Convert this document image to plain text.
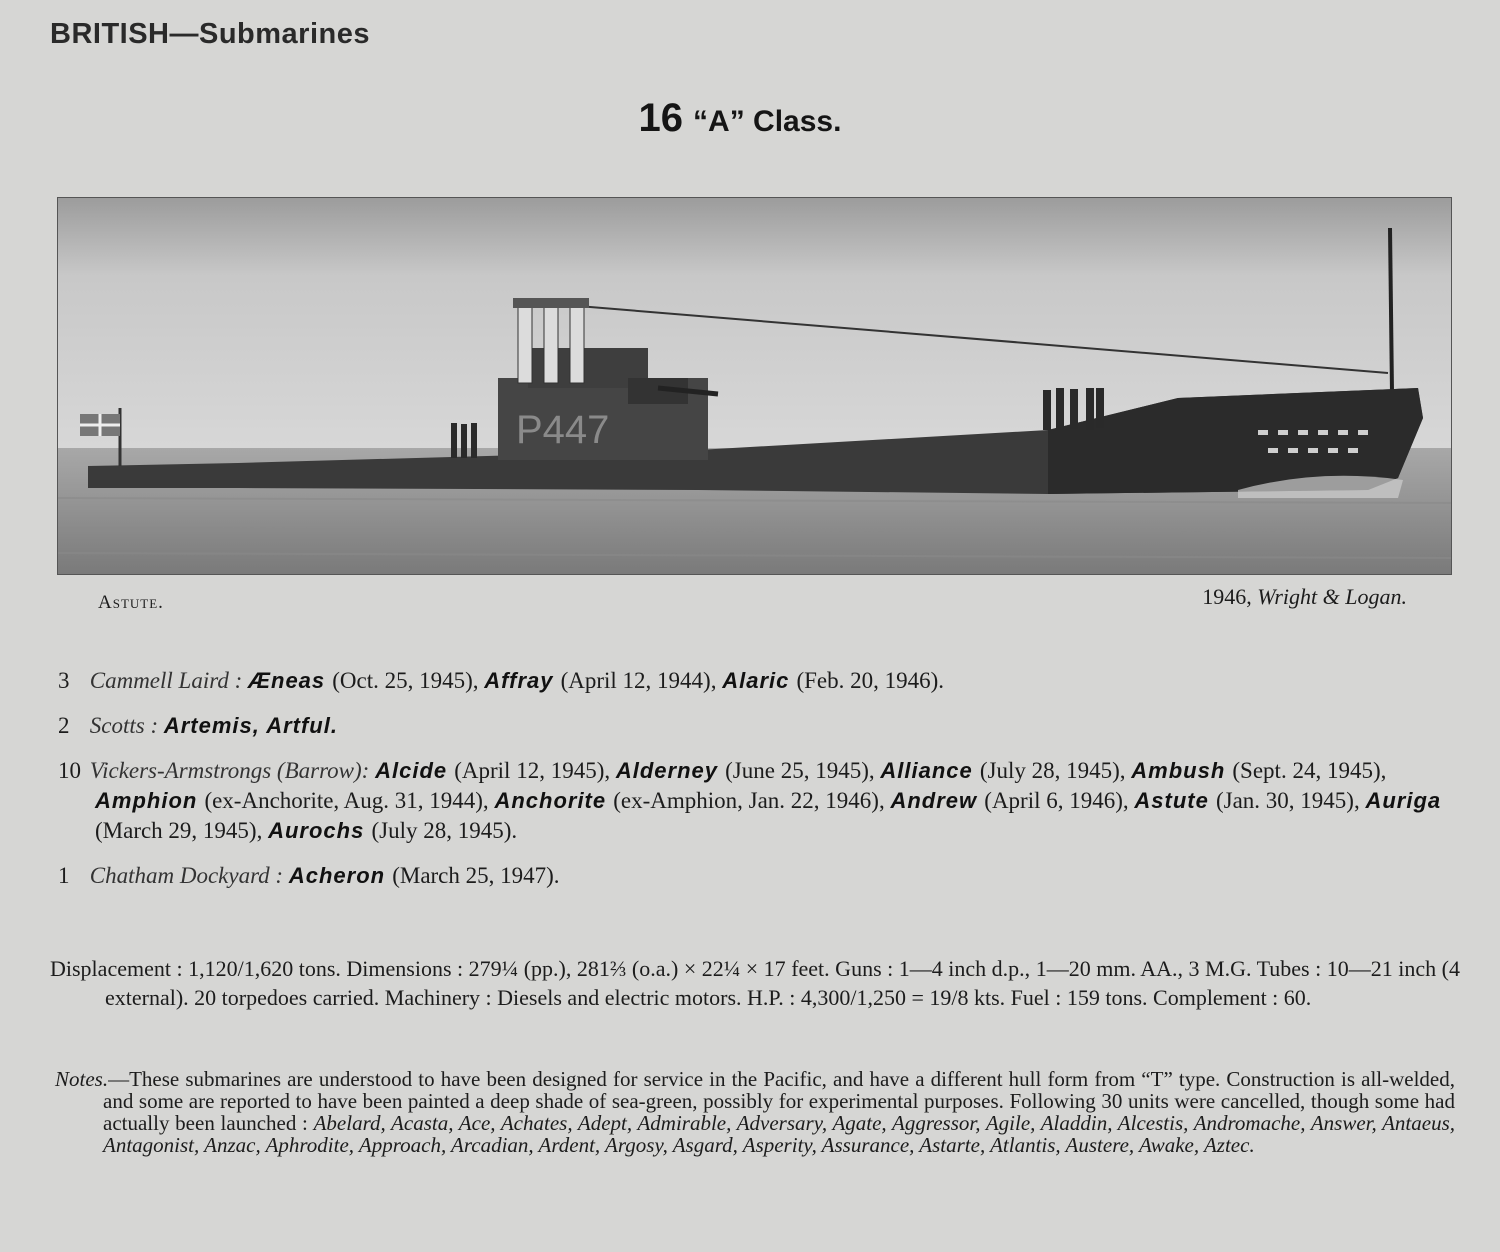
BRITISH—Submarines
16 “A” Class.
P447
Astute.	1946, Wright & Logan.
3 Cammell Laird : Æneas (Oct. 25, 1945), Affray (April 12, 1944), Alaric (Feb. 20, 1946).
2 Scotts : Artemis, Artful.
10 Vickers-Armstrongs (Barrow): Alcide (April 12, 1945), Alderney (June 25, 1945), Alliance (July 28, 1945), Ambush (Sept. 24, 1945), Amphion (ex-Anchorite, Aug. 31, 1944), Anchorite (ex-Amphion, Jan. 22, 1946), Andrew (April 6, 1946), Astute (Jan. 30, 1945), Auriga (March 29, 1945), Aurochs (July 28, 1945).
1 Chatham Dockyard : Acheron (March 25, 1947).
Displacement : 1,120/1,620 tons. Dimensions : 279¼ (pp.), 281⅔ (o.a.) × 22¼ × 17 feet. Guns : 1—4 inch d.p., 1—20 mm. AA., 3 M.G. Tubes : 10—21 inch (4 external). 20 torpedoes carried. Machinery : Diesels and electric motors. H.P. : 4,300/1,250 = 19/8 kts. Fuel : 159 tons. Complement : 60.
Notes.—These submarines are understood to have been designed for service in the Pacific, and have a different hull form from “T” type. Construction is all-welded, and some are reported to have been painted a deep shade of sea-green, possibly for experimental purposes. Following 30 units were cancelled, though some had actually been launched : Abelard, Acasta, Ace, Achates, Adept, Admirable, Adversary, Agate, Aggressor, Agile, Aladdin, Alcestis, Andromache, Answer, Antaeus, Antagonist, Anzac, Aphrodite, Approach, Arcadian, Ardent, Argosy, Asgard, Asperity, Assurance, Astarte, Atlantis, Austere, Awake, Aztec.
